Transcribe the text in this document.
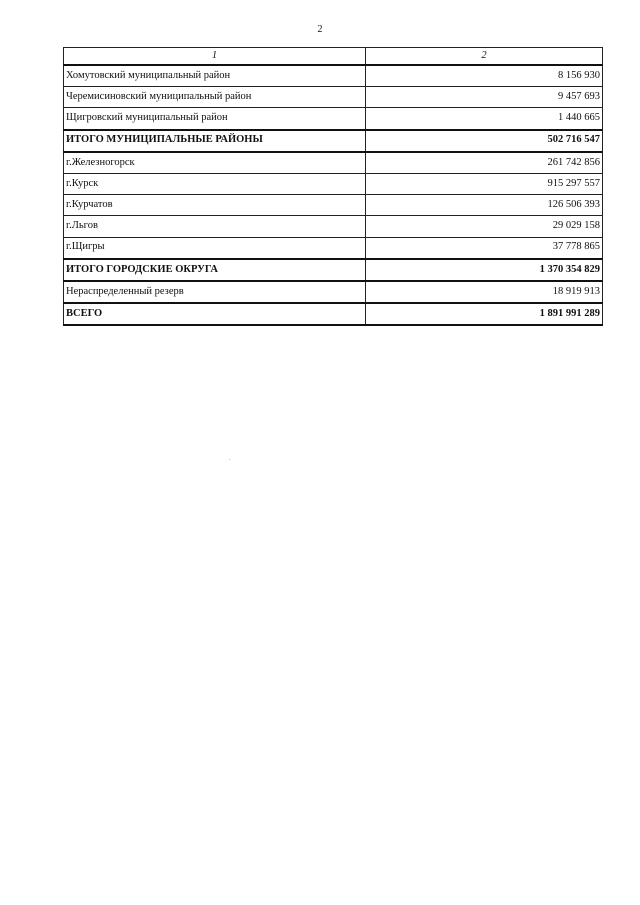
2
1	2
Хомутовский муниципальный район	8 156 930
Черемисиновский муниципальный район	9 457 693
Щигровский муниципальный район	1 440 665
ИТОГО МУНИЦИПАЛЬНЫЕ РАЙОНЫ	502 716 547
г.Железногорск	261 742 856
г.Курск	915 297 557
г.Курчатов	126 506 393
г.Льгов	29 029 158
г.Щигры	37 778 865
ИТОГО ГОРОДСКИЕ ОКРУГА	1 370 354 829
Нераспределенный резерв	18 919 913
ВСЕГО	1 891 991 289
